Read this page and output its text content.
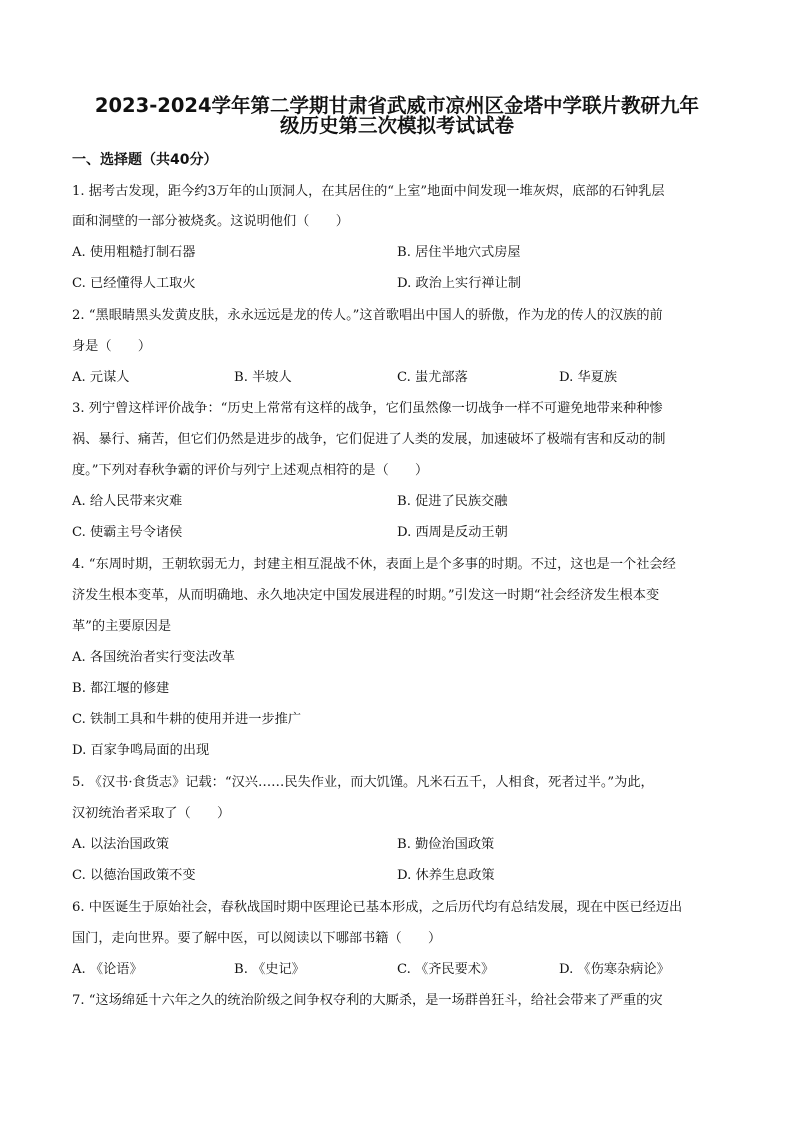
2023-2024学年第二学期甘肃省武威市凉州区金塔中学联片教研九年
级历史第三次模拟考试试卷
一、选择题（共40分）
1. 据考古发现，距今约3万年的山顶洞人，在其居住的“上室”地面中间发现一堆灰烬，底部的石钟乳层
面和洞壁的一部分被烧炙。这说明他们（　　）
A. 使用粗糙打制石器	B. 居住半地穴式房屋
C. 已经懂得人工取火	D. 政治上实行禅让制
2. “黑眼睛黑头发黄皮肤，永永远远是龙的传人。”这首歌唱出中国人的骄傲，作为龙的传人的汉族的前
身是（　　）
A. 元谋人	B. 半坡人	C. 蚩尤部落	D. 华夏族
3. 列宁曾这样评价战争：“历史上常常有这样的战争，它们虽然像一切战争一样不可避免地带来种种惨
祸、暴行、痛苦，但它们仍然是进步的战争，它们促进了人类的发展，加速破坏了极端有害和反动的制
度。”下列对春秋争霸的评价与列宁上述观点相符的是（　　）
A. 给人民带来灾难	B. 促进了民族交融
C. 使霸主号令诸侯	D. 西周是反动王朝
4. “东周时期，王朝软弱无力，封建主相互混战不休，表面上是个多事的时期。不过，这也是一个社会经
济发生根本变革，从而明确地、永久地决定中国发展进程的时期。”引发这一时期“社会经济发生根本变
革”的主要原因是
A. 各国统治者实行变法改革
B. 都江堰的修建
C. 铁制工具和牛耕的使用并进一步推广
D. 百家争鸣局面的出现
5. 《汉书·食货志》记载：“汉兴……民失作业，而大饥馑。凡米石五千，人相食，死者过半。”为此，
汉初统治者采取了（　　）
A. 以法治国政策	B. 勤俭治国政策
C. 以德治国政策不变	D. 休养生息政策
6. 中医诞生于原始社会，春秋战国时期中医理论已基本形成，之后历代均有总结发展，现在中医已经迈出
国门，走向世界。要了解中医，可以阅读以下哪部书籍（　　）
A. 《论语》	B. 《史记》	C. 《齐民要术》	D. 《伤寒杂病论》
7. “这场绵延十六年之久的统治阶级之间争权夺利的大厮杀，是一场群兽狂斗，给社会带来了严重的灾
